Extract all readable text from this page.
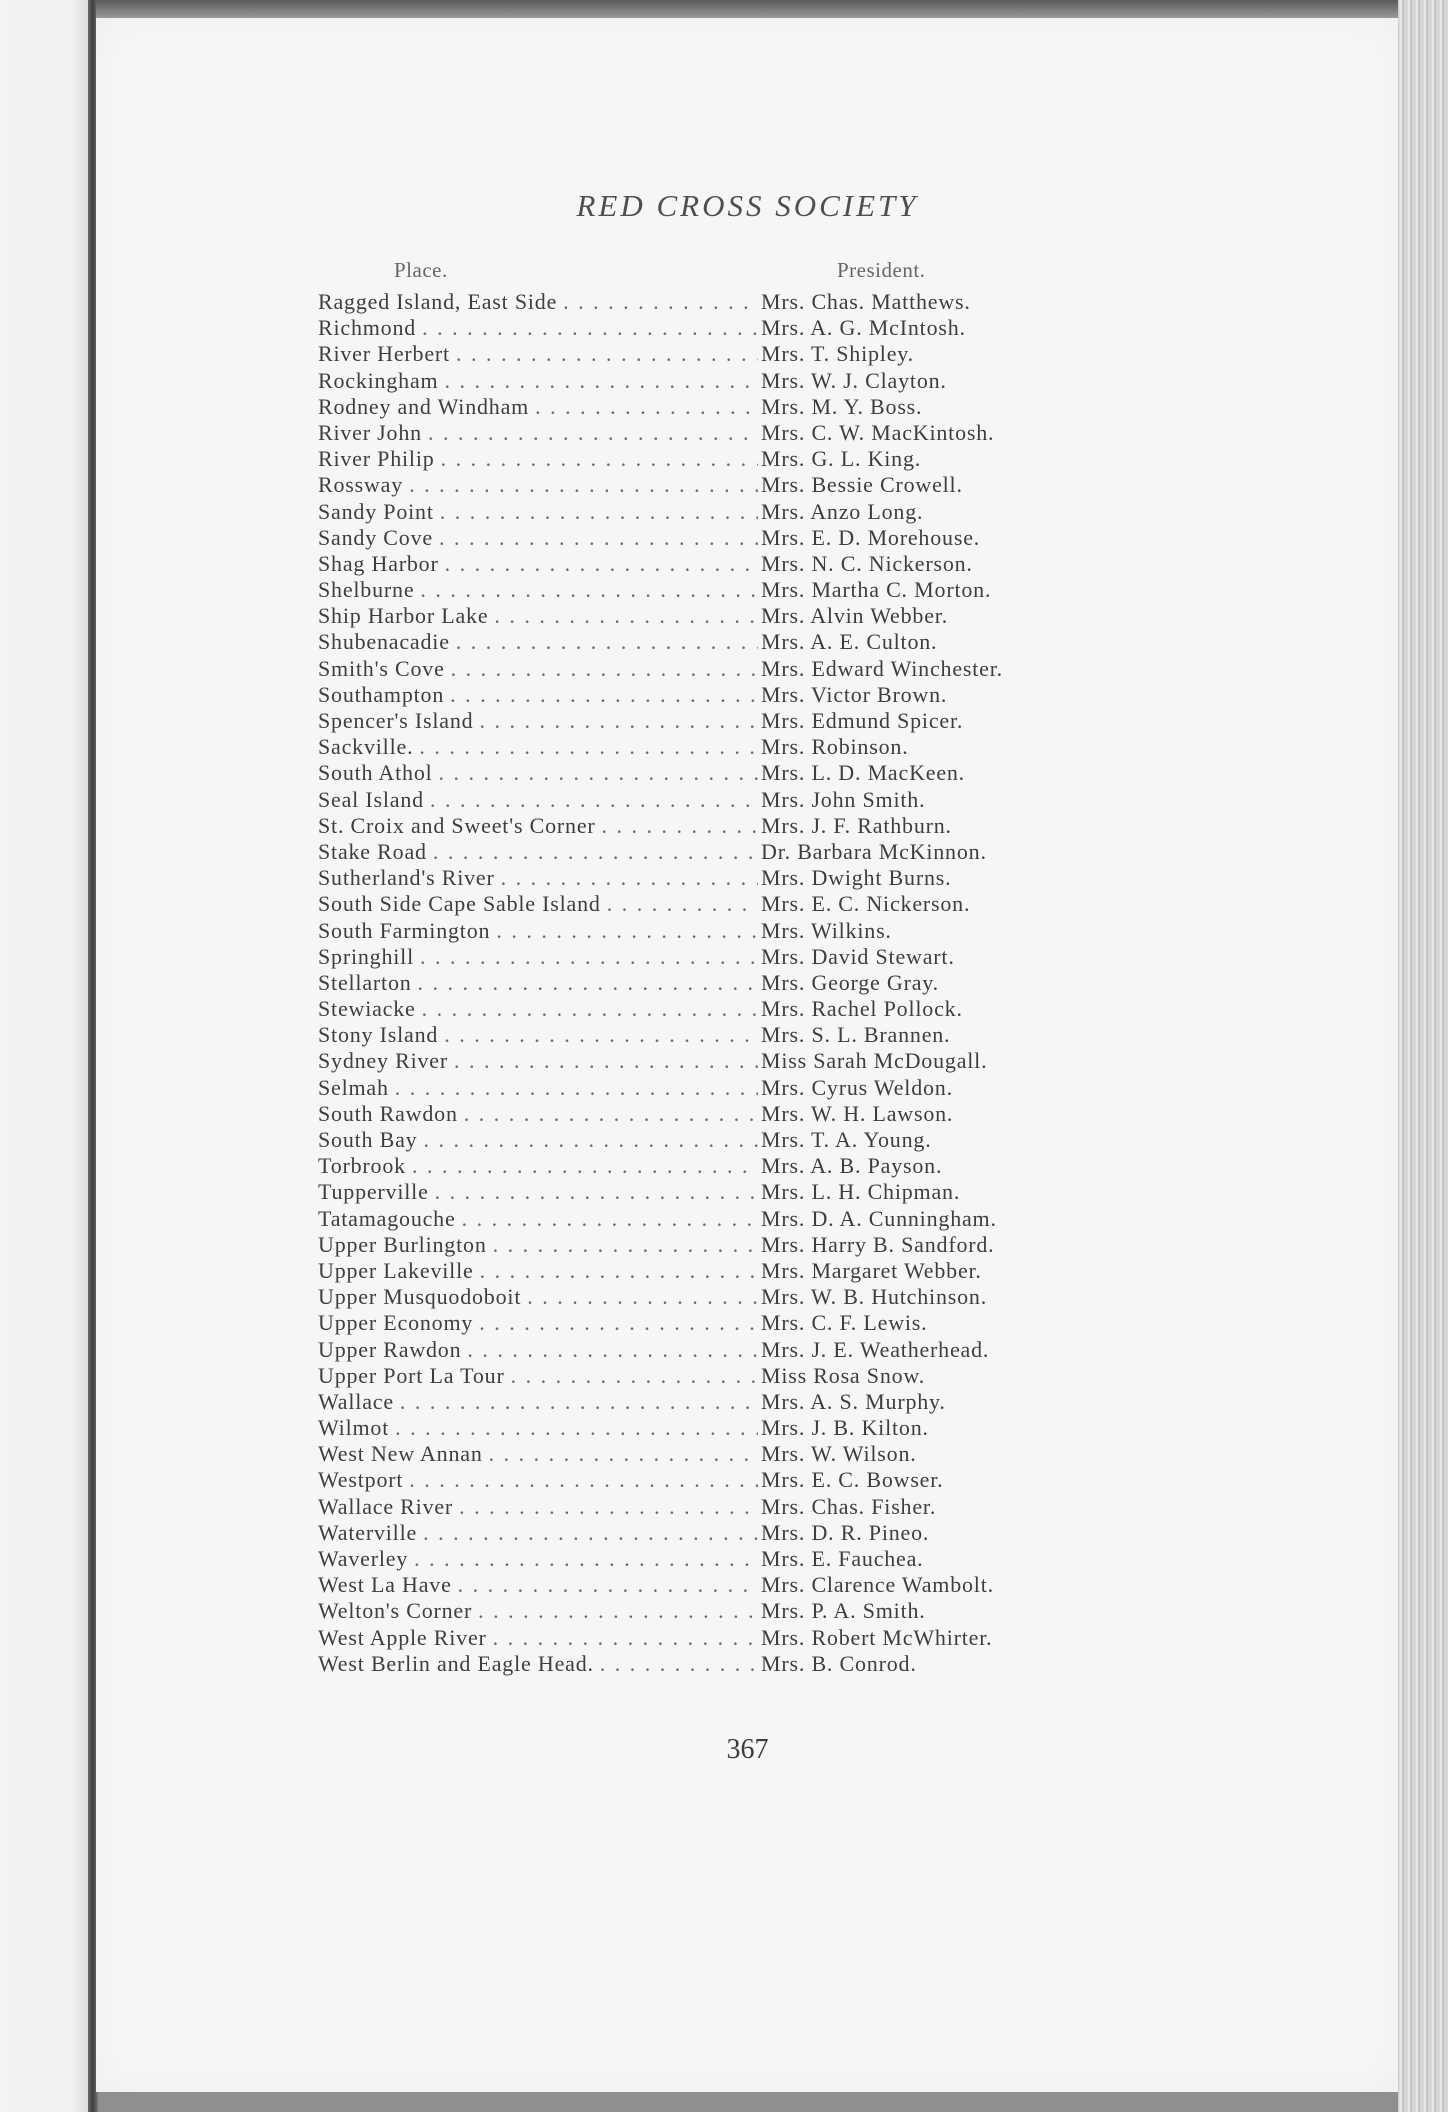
RED CROSS SOCIETY
Place.	President.
Ragged Island, East Side . . .	Mrs. Chas. Matthews.
Richmond . . .	Mrs. A. G. McIntosh.
River Herbert . . .	Mrs. T. Shipley.
Rockingham . . .	Mrs. W. J. Clayton.
Rodney and Windham . . .	Mrs. M. Y. Boss.
River John . . .	Mrs. C. W. MacKintosh.
River Philip . . .	Mrs. G. L. King.
Rossway . . .	Mrs. Bessie Crowell.
Sandy Point . . .	Mrs. Anzo Long.
Sandy Cove . . .	Mrs. E. D. Morehouse.
Shag Harbor . . .	Mrs. N. C. Nickerson.
Shelburne . . .	Mrs. Martha C. Morton.
Ship Harbor Lake . . .	Mrs. Alvin Webber.
Shubenacadie . . .	Mrs. A. E. Culton.
Smith's Cove . . .	Mrs. Edward Winchester.
Southampton . . .	Mrs. Victor Brown.
Spencer's Island . . .	Mrs. Edmund Spicer.
Sackville. . . .	Mrs. Robinson.
South Athol . . .	Mrs. L. D. MacKeen.
Seal Island . . .	Mrs. John Smith.
St. Croix and Sweet's Corner . . .	Mrs. J. F. Rathburn.
Stake Road . . .	Dr. Barbara McKinnon.
Sutherland's River . . .	Mrs. Dwight Burns.
South Side Cape Sable Island . . .	Mrs. E. C. Nickerson.
South Farmington . . .	Mrs. Wilkins.
Springhill . . .	Mrs. David Stewart.
Stellarton . . .	Mrs. George Gray.
Stewiacke . . .	Mrs. Rachel Pollock.
Stony Island . . .	Mrs. S. L. Brannen.
Sydney River . . .	Miss Sarah McDougall.
Selmah . . .	Mrs. Cyrus Weldon.
South Rawdon . . .	Mrs. W. H. Lawson.
South Bay . . .	Mrs. T. A. Young.
Torbrook . . .	Mrs. A. B. Payson.
Tupperville . . .	Mrs. L. H. Chipman.
Tatamagouche . . .	Mrs. D. A. Cunningham.
Upper Burlington . . .	Mrs. Harry B. Sandford.
Upper Lakeville . . .	Mrs. Margaret Webber.
Upper Musquodoboit . . .	Mrs. W. B. Hutchinson.
Upper Economy . . .	Mrs. C. F. Lewis.
Upper Rawdon . . .	Mrs. J. E. Weatherhead.
Upper Port La Tour . . .	Miss Rosa Snow.
Wallace . . .	Mrs. A. S. Murphy.
Wilmot . . .	Mrs. J. B. Kilton.
West New Annan . . .	Mrs. W. Wilson.
Westport . . .	Mrs. E. C. Bowser.
Wallace River . . .	Mrs. Chas. Fisher.
Waterville . . .	Mrs. D. R. Pineo.
Waverley . . .	Mrs. E. Fauchea.
West La Have . . .	Mrs. Clarence Wambolt.
Welton's Corner . . .	Mrs. P. A. Smith.
West Apple River . . .	Mrs. Robert McWhirter.
West Berlin and Eagle Head. . . .	Mrs. B. Conrod.
367
